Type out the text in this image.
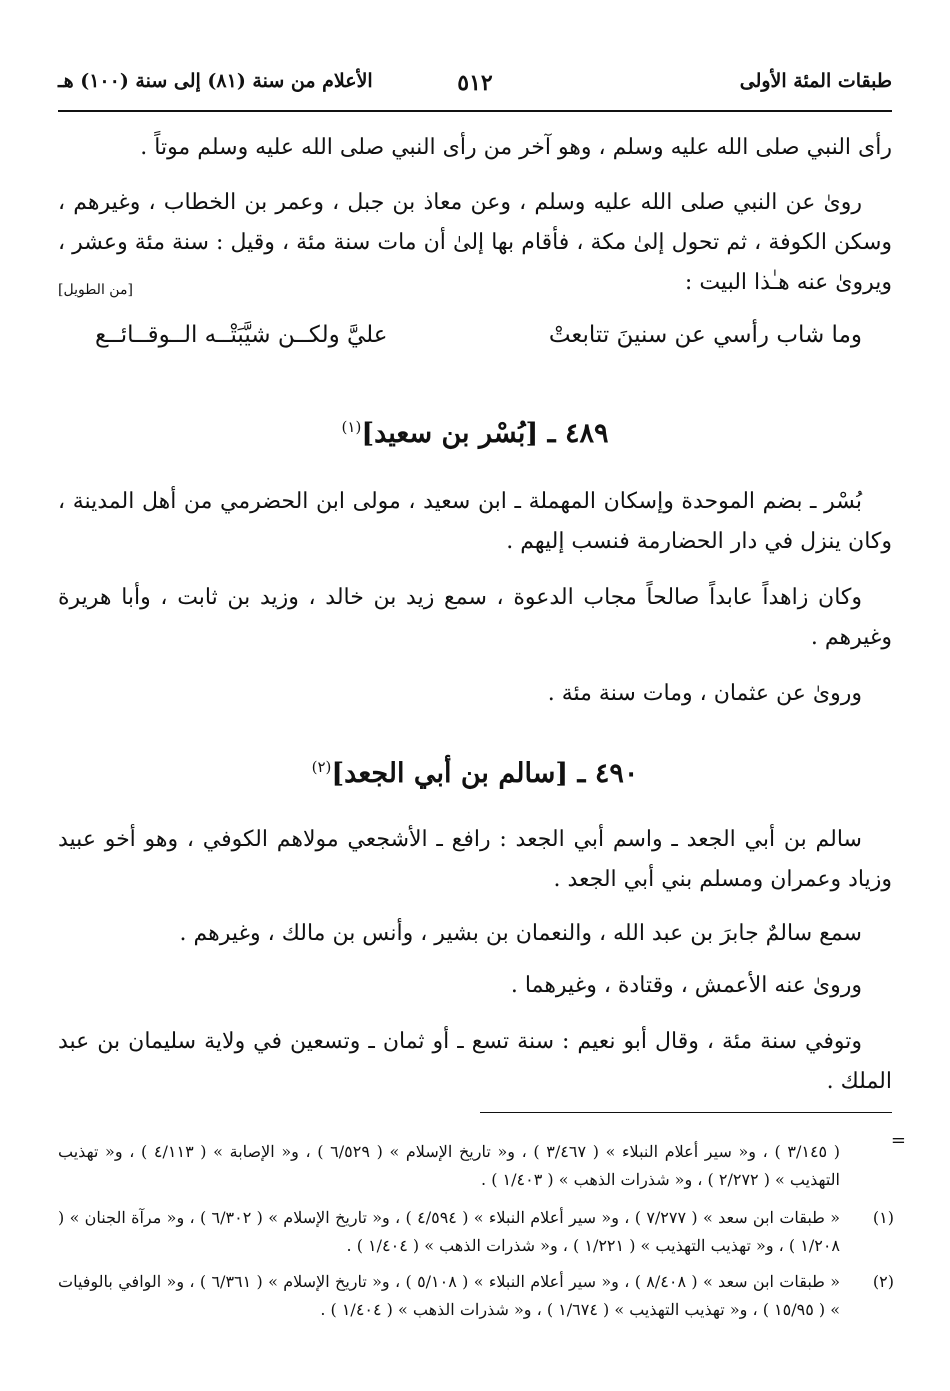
طبقات المئة الأولى
٥١٢
الأعلام من سنة (٨١) إلى سنة (١٠٠) هـ
رأى النبي صلى الله عليه وسلم ، وهو آخر من رأى النبي صلى الله عليه وسلم موتاً .
روىٰ عن النبي صلى الله عليه وسلم ، وعن معاذ بن جبل ، وعمر بن الخطاب ، وغيرهم ، وسكن الكوفة ، ثم تحول إلىٰ مكة ، فأقام بها إلىٰ أن مات سنة مئة ، وقيل : سنة مئة وعشر ، ويروىٰ عنه هـٰذا البيت :
[من الطويل]
وما شاب رأسي عن سنينَ تتابعتْ
عليَّ ولكــن شيَّبَتْــه الــوقــائــع
٤٨٩ ـ [بُسْر بن سعيد]$^{(١)}$
بُسْر ـ بضم الموحدة وإسكان المهملة ـ ابن سعيد ، مولى ابن الحضرمي من أهل المدينة ، وكان ينزل في دار الحضارمة فنسب إليهم .
وكان زاهداً عابداً صالحاً مجاب الدعوة ، سمع زيد بن خالد ، وزيد بن ثابت ، وأبا هريرة وغيرهم .
وروىٰ عن عثمان ، ومات سنة مئة .
٤٩٠ ـ [سالم بن أبي الجعد]$^{(٢)}$
سالم بن أبي الجعد ـ واسم أبي الجعد : رافع ـ الأشجعي مولاهم الكوفي ، وهو أخو عبيد وزياد وعمران ومسلم بني أبي الجعد .
سمع سالمٌ جابرَ بن عبد الله ، والنعمان بن بشير ، وأنس بن مالك ، وغيرهم .
وروىٰ عنه الأعمش ، وقتادة ، وغيرهما .
وتوفي سنة مئة ، وقال أبو نعيم : سنة تسع ـ أو ثمان ـ وتسعين في ولاية سليمان بن عبد الملك .
=
( ٣/١٤٥ ) ، و« سير أعلام النبلاء » ( ٣/٤٦٧ ) ، و« تاريخ الإسلام » ( ٦/٥٢٩ ) ، و« الإصابة » ( ٤/١١٣ ) ، و« تهذيب التهذيب » ( ٢/٢٧٢ ) ، و« شذرات الذهب » ( ١/٤٠٣ ) .
(١)
« طبقات ابن سعد » ( ٧/٢٧٧ ) ، و« سير أعلام النبلاء » ( ٤/٥٩٤ ) ، و« تاريخ الإسلام » ( ٦/٣٠٢ ) ، و« مرآة الجنان » ( ١/٢٠٨ ) ، و« تهذيب التهذيب » ( ١/٢٢١ ) ، و« شذرات الذهب » ( ١/٤٠٤ ) .
(٢)
« طبقات ابن سعد » ( ٨/٤٠٨ ) ، و« سير أعلام النبلاء » ( ٥/١٠٨ ) ، و« تاريخ الإسلام » ( ٦/٣٦١ ) ، و« الوافي بالوفيات » ( ١٥/٩٥ ) ، و« تهذيب التهذيب » ( ١/٦٧٤ ) ، و« شذرات الذهب » ( ١/٤٠٤ ) .
